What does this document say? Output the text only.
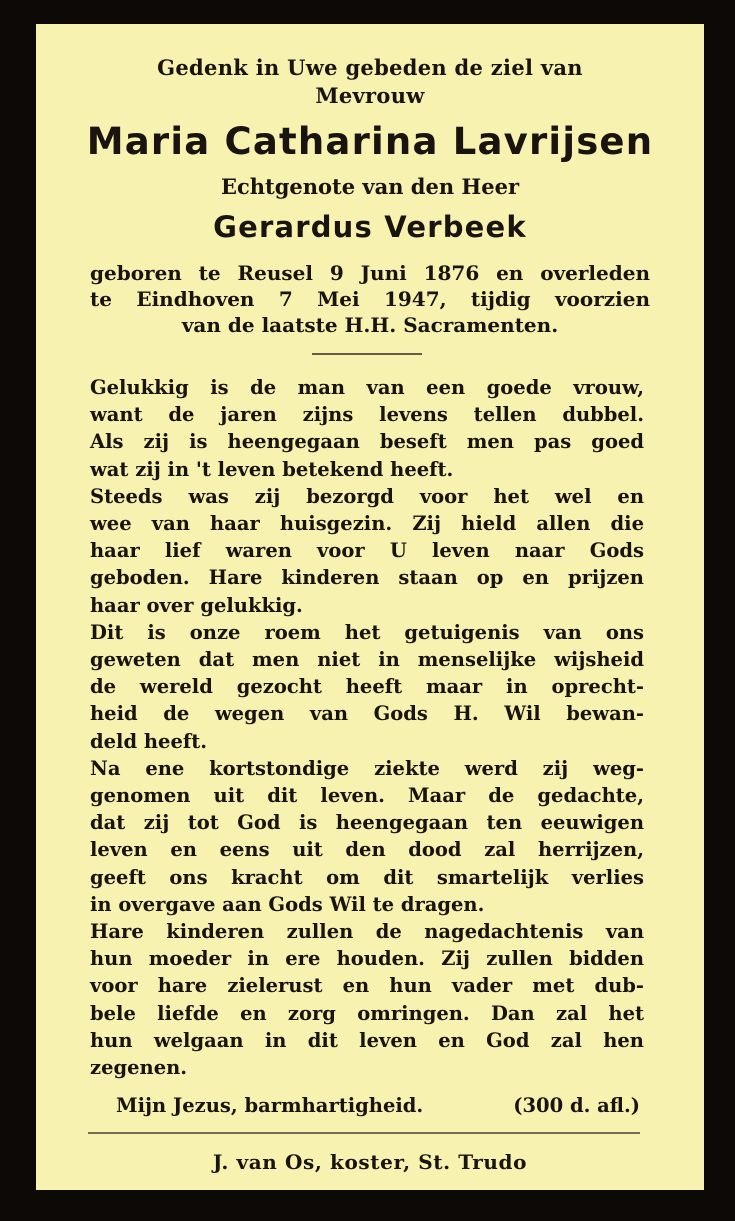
Gedenk in Uwe gebeden de ziel van
Mevrouw
Maria Catharina Lavrijsen
Echtgenote van den Heer
Gerardus Verbeek
geboren te Reusel 9 Juni 1876 en overleden
te Eindhoven 7 Mei 1947, tijdig voorzien
van de laatste H.H. Sacramenten.
Gelukkig is de man van een goede vrouw,
want de jaren zijns levens tellen dubbel.
Als zij is heengegaan beseft men pas goed
wat zij in 't leven betekend heeft.
Steeds was zij bezorgd voor het wel en
wee van haar huisgezin. Zij hield allen die
haar lief waren voor U leven naar Gods
geboden. Hare kinderen staan op en prijzen
haar over gelukkig.
Dit is onze roem het getuigenis van ons
geweten dat men niet in menselijke wijsheid
de wereld gezocht heeft maar in oprecht-
heid de wegen van Gods H. Wil bewan-
deld heeft.
Na ene kortstondige ziekte werd zij weg-
genomen uit dit leven. Maar de gedachte,
dat zij tot God is heengegaan ten eeuwigen
leven en eens uit den dood zal herrijzen,
geeft ons kracht om dit smartelijk verlies
in overgave aan Gods Wil te dragen.
Hare kinderen zullen de nagedachtenis van
hun moeder in ere houden. Zij zullen bidden
voor hare zielerust en hun vader met dub-
bele liefde en zorg omringen. Dan zal het
hun welgaan in dit leven en God zal hen
zegenen.
Mijn Jezus, barmhartigheid.	(300 d. afl.)
J. van Os, koster, St. Trudo
